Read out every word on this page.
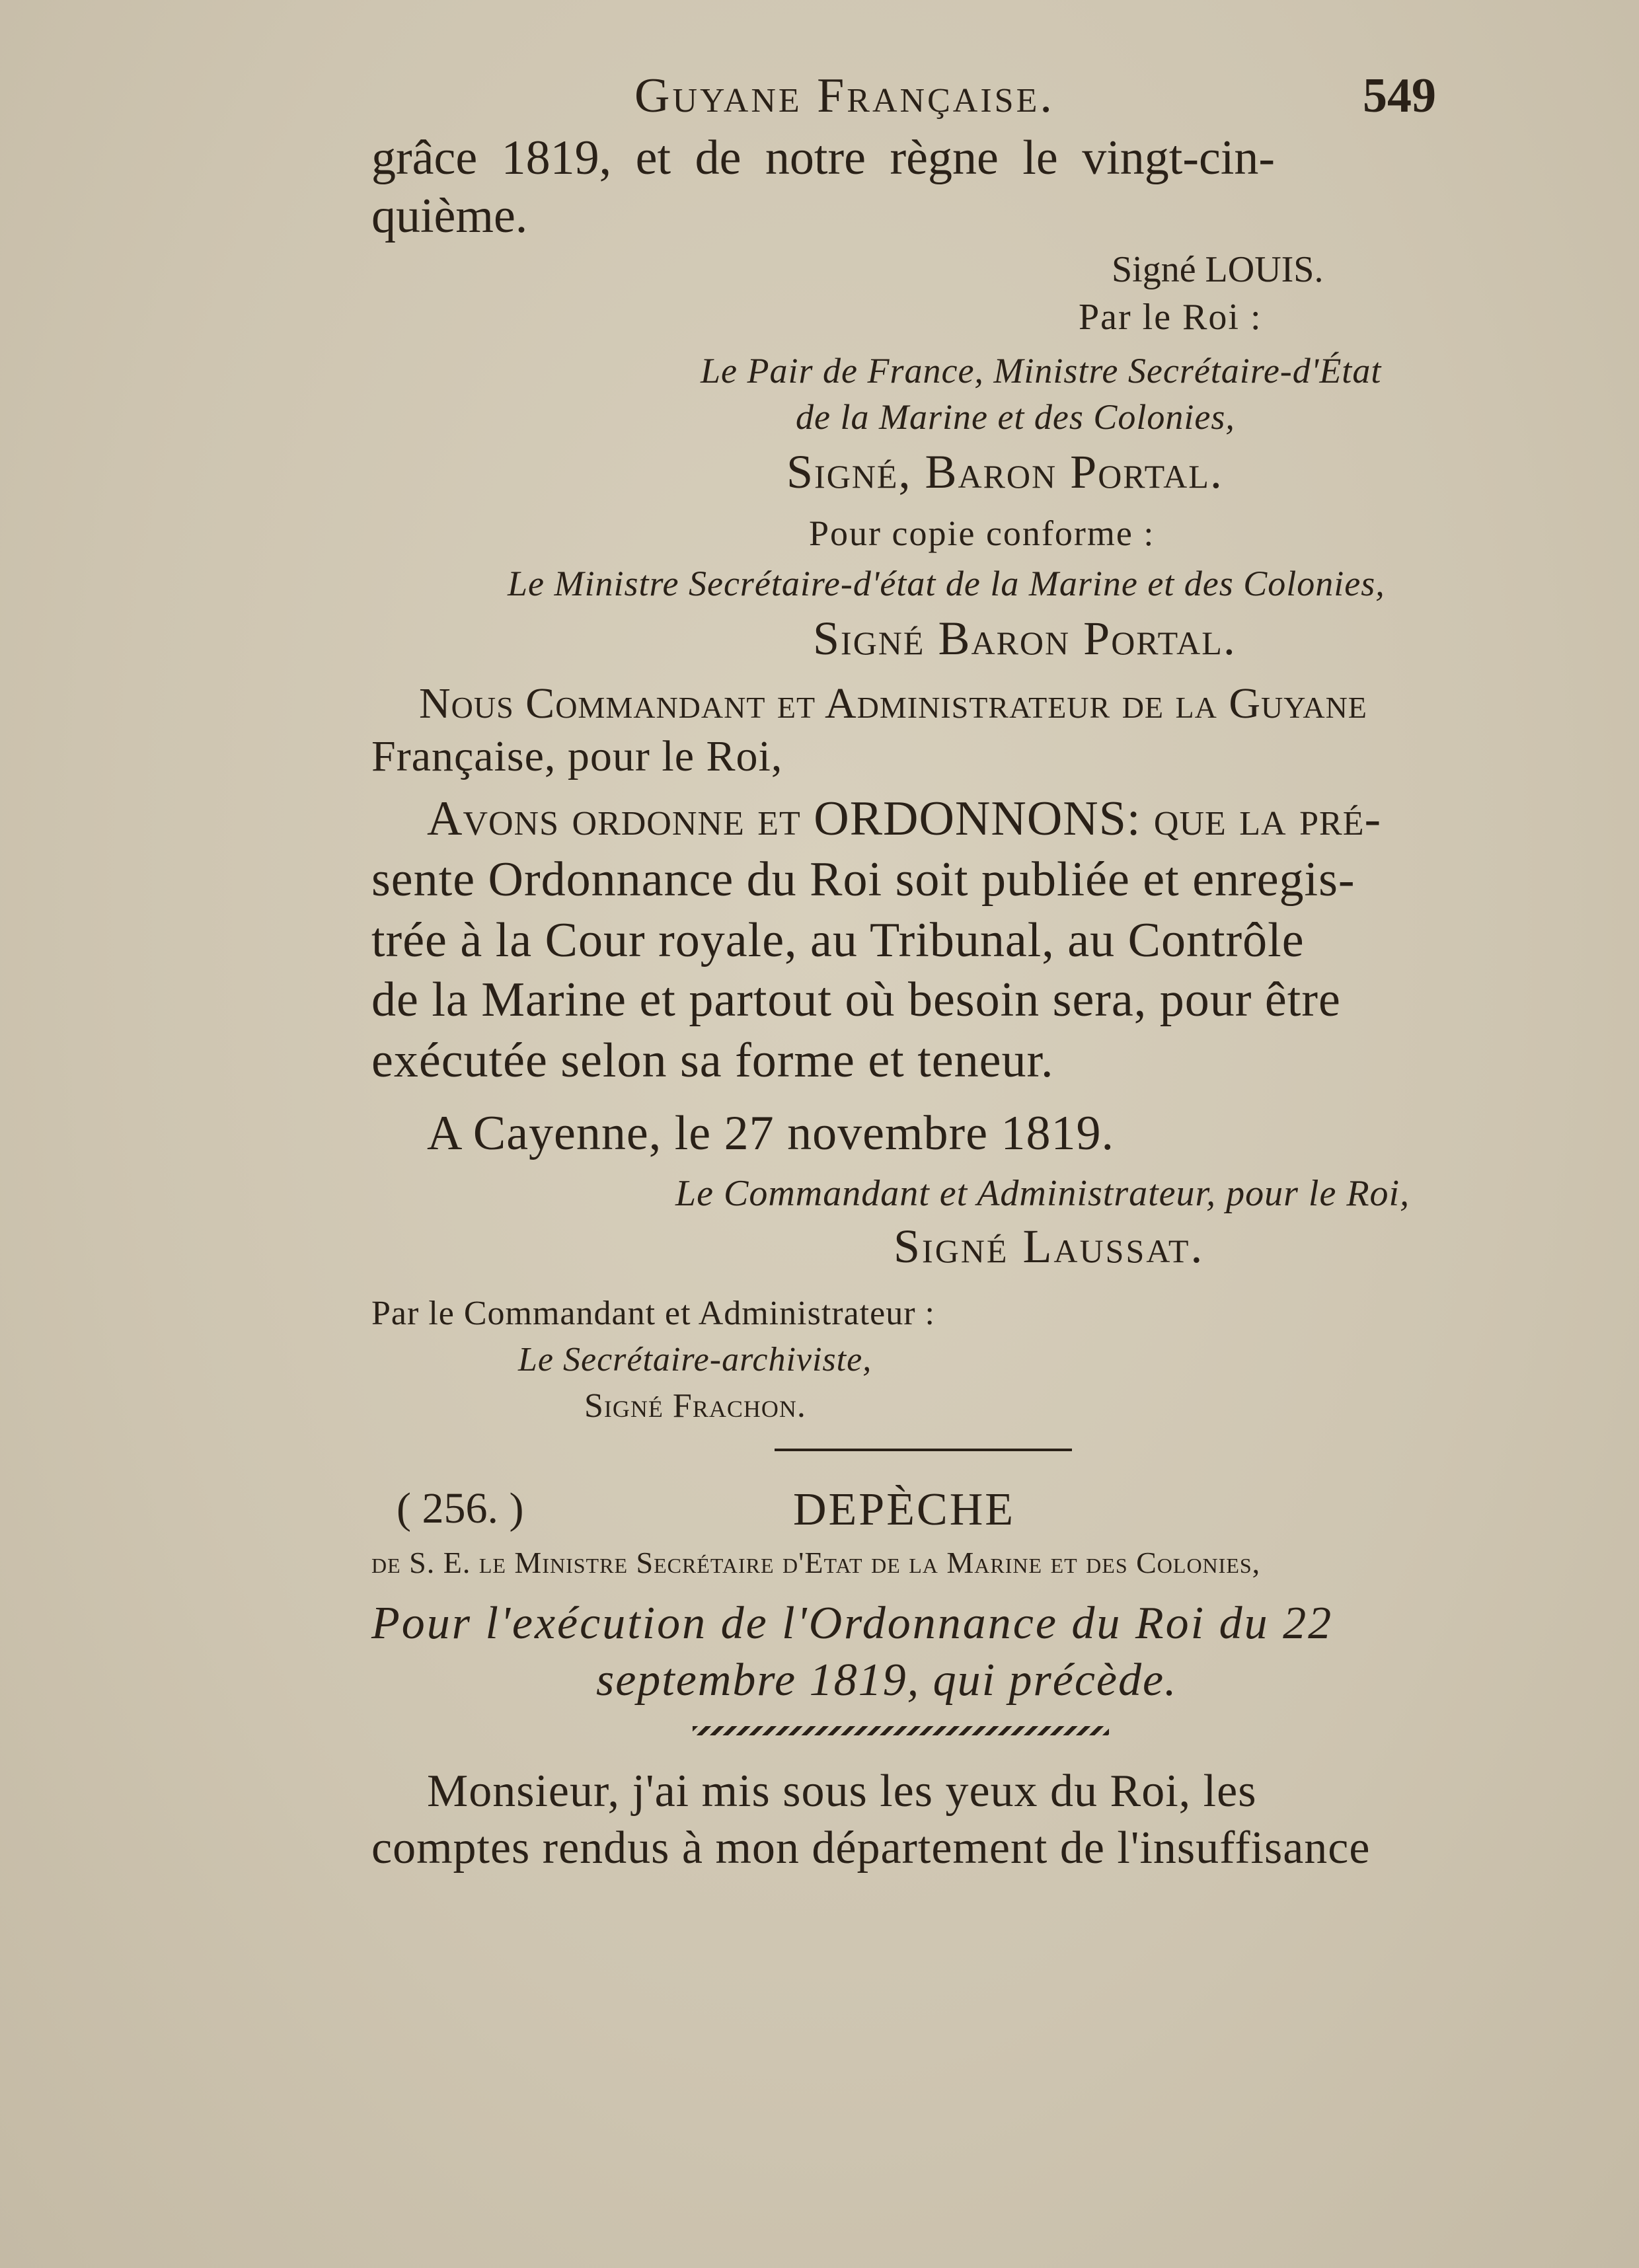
Guyane Française.	549

grâce 1819, et de notre règne le vingt-cin-

quième.

Signé LOUIS.

Par le Roi :

Le Pair de France, Ministre Secrétaire-d'État

de la Marine et des Colonies,

Signé, Baron Portal.

Pour copie conforme :

Le Ministre Secrétaire-d'état de la Marine et des Colonies,

Signé Baron Portal.

Nous Commandant et Administrateur de la Guyane

Française, pour le Roi,

Avons ordonne et ORDONNONS: que la pré-

sente Ordonnance du Roi soit publiée et enregis-

trée à la Cour royale, au Tribunal, au Contrôle

de la Marine et partout où besoin sera, pour être

exécutée selon sa forme et teneur.

A Cayenne, le 27 novembre 1819.

Le Commandant et Administrateur, pour le Roi,

Signé Laussat.

Par le Commandant et Administrateur :

Le Secrétaire-archiviste,

Signé Frachon.

( 256. )	DEPÈCHE

de S. E. le Ministre Secrétaire d'Etat de la Marine et des Colonies,

Pour l'exécution de l'Ordonnance du Roi du 22

septembre 1819, qui précède.

Monsieur, j'ai mis sous les yeux du Roi, les

comptes rendus à mon département de l'insuffisance
